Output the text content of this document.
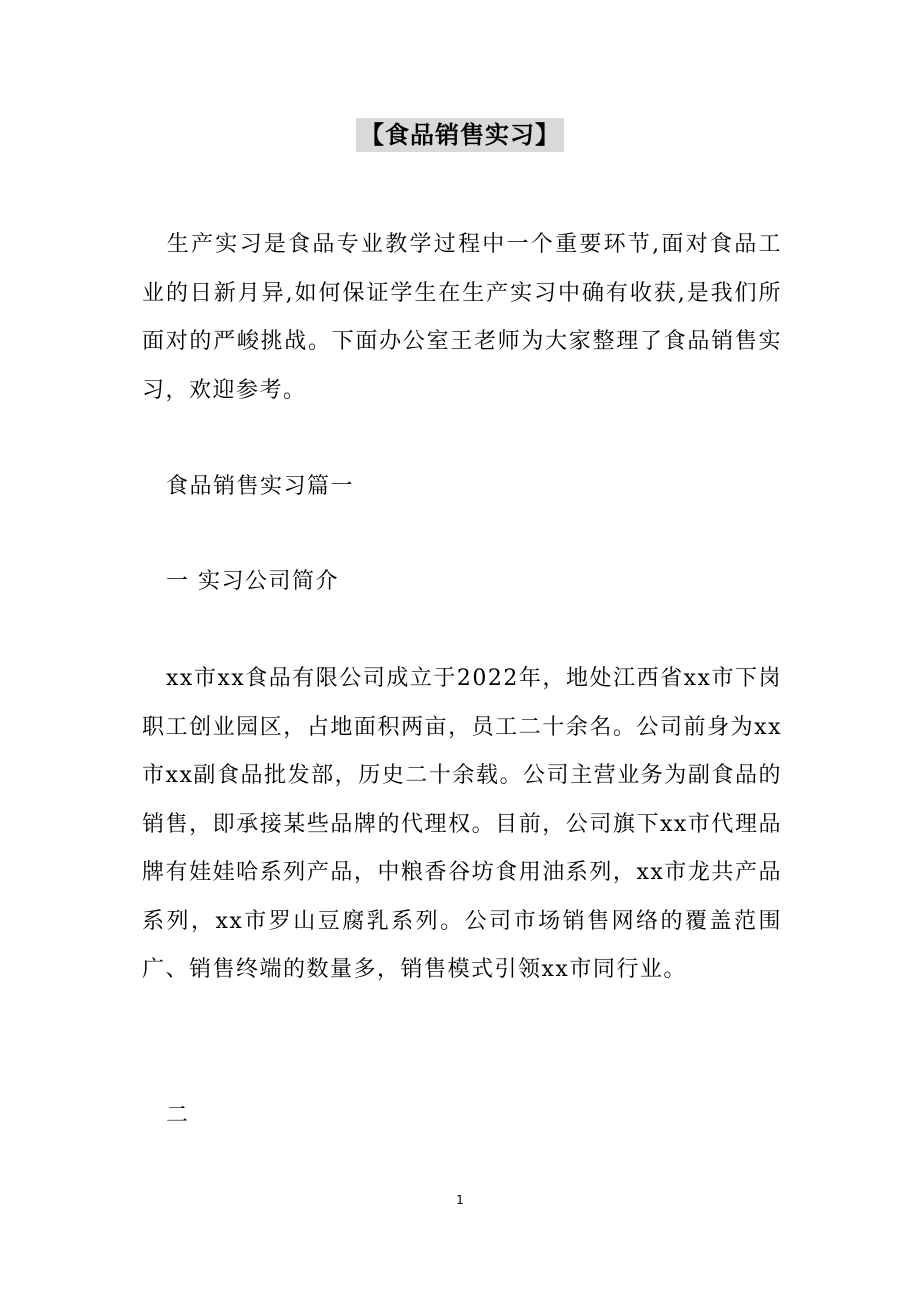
【食品销售实习】

生产实习是食品专业教学过程中一个重要环节,面对食品工业的日新月异,如何保证学生在生产实习中确有收获,是我们所面对的严峻挑战。下面办公室王老师为大家整理了食品销售实习，欢迎参考。

食品销售实习篇一

一 实习公司简介

xx市xx食品有限公司成立于2022年，地处江西省xx市下岗职工创业园区，占地面积两亩，员工二十余名。公司前身为xx市xx副食品批发部，历史二十余载。公司主营业务为副食品的销售，即承接某些品牌的代理权。目前，公司旗下xx市代理品牌有娃娃哈系列产品，中粮香谷坊食用油系列，xx市龙共产品系列，xx市罗山豆腐乳系列。公司市场销售网络的覆盖范围广、销售终端的数量多，销售模式引领xx市同行业。

二

1
